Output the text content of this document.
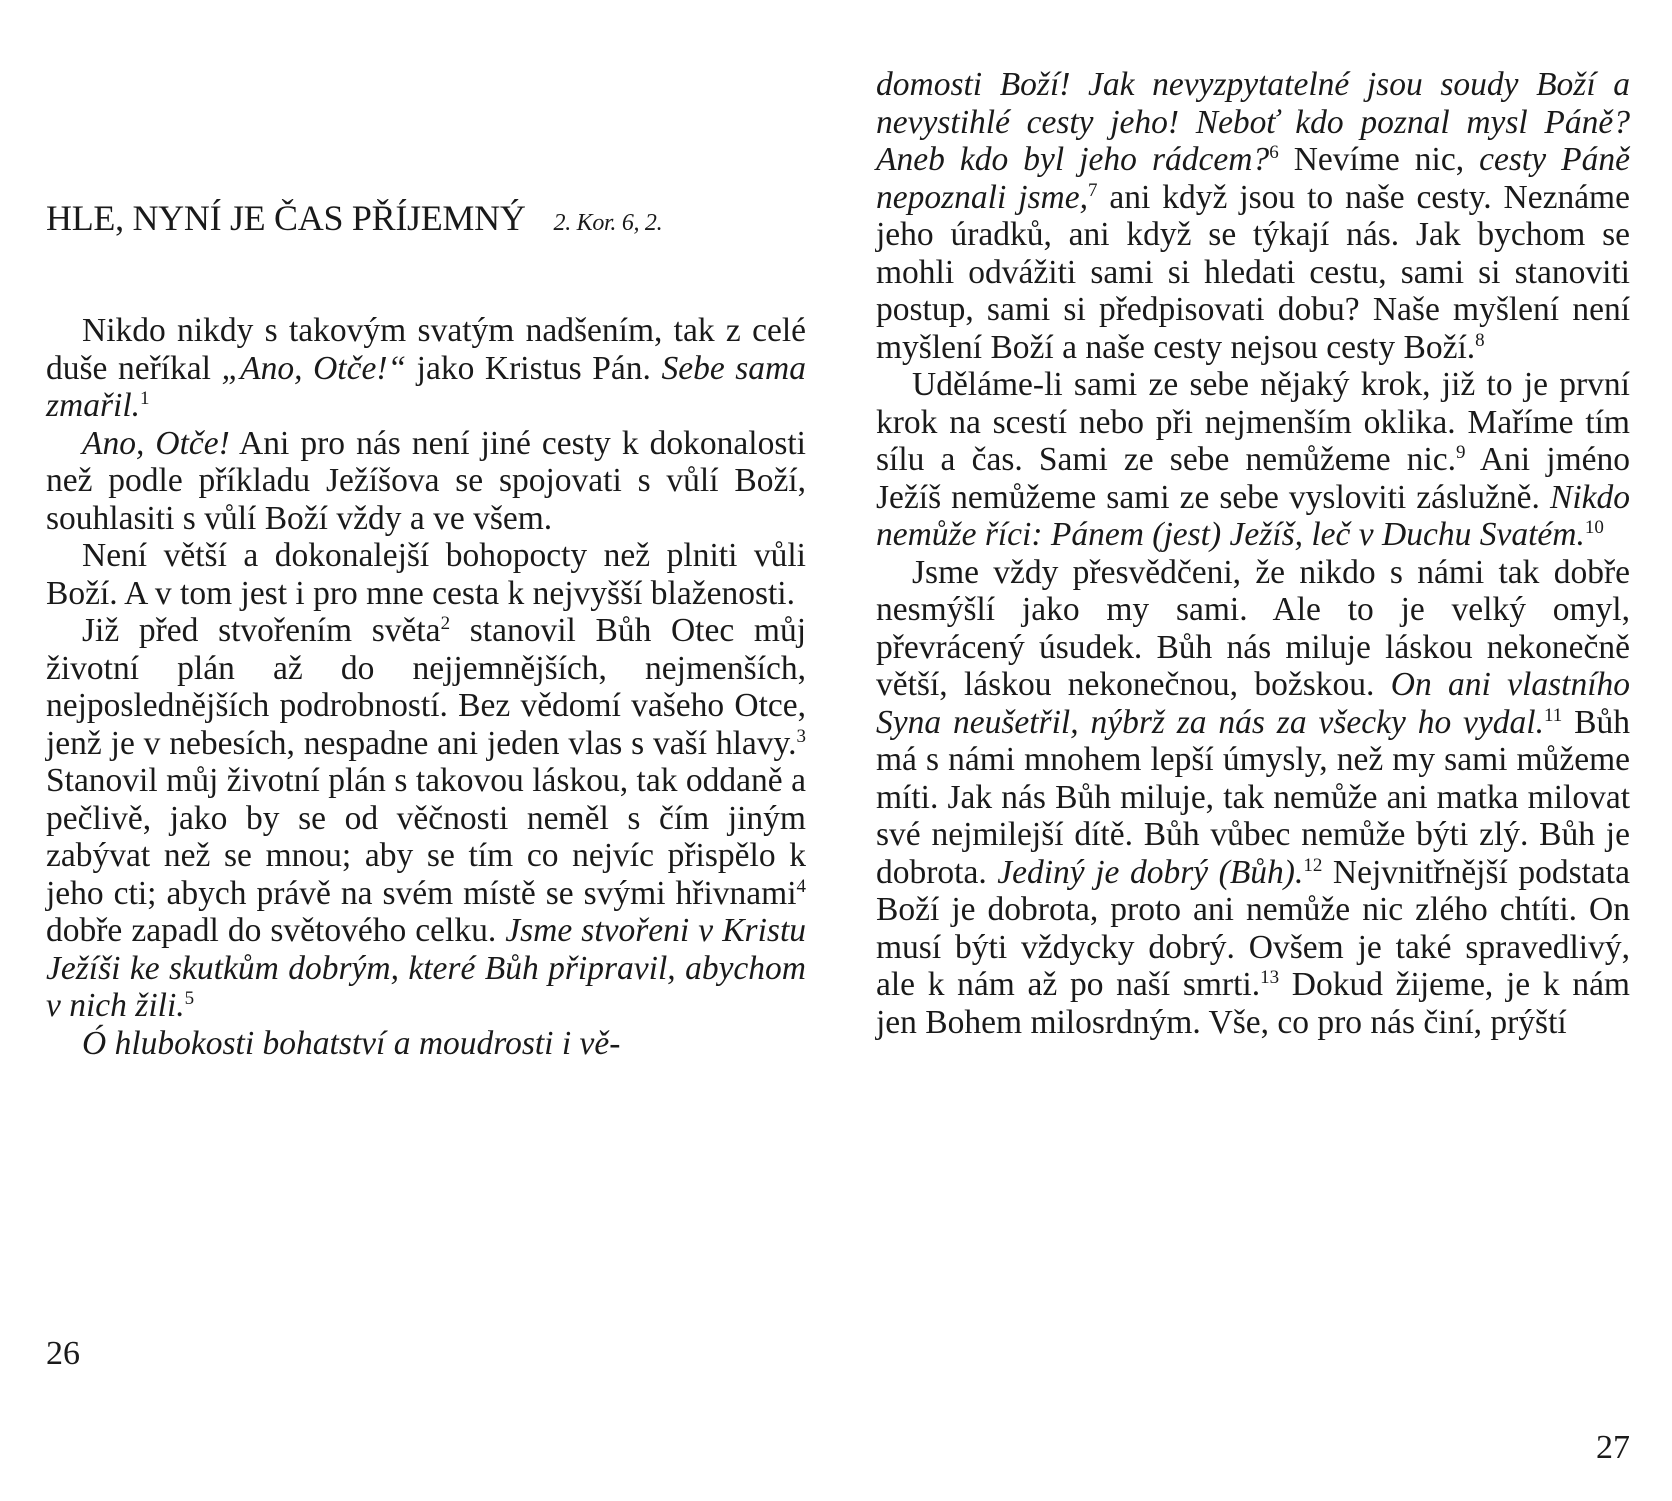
HLE, NYNÍ JE ČAS PŘÍJEMNÝ 2. Kor. 6, 2.

Nikdo nikdy s takovým svatým nadšením, tak z celé duše neříkal „Ano, Otče!“ jako Kristus Pán. Sebe sama zmařil.$^1$

Ano, Otče! Ani pro nás není jiné cesty k dokonalosti než podle příkladu Ježíšova se spojovati s vůlí Boží, souhlasiti s vůlí Boží vždy a ve všem.

Není větší a dokonalejší bohopocty než plniti vůli Boží. A v tom jest i pro mne cesta k nejvyšší blaženosti.

Již před stvořením světa$^2$ stanovil Bůh Otec můj životní plán až do nejjemnějších, nejmenších, nejposlednějších podrobností. Bez vědomí vašeho Otce, jenž je v nebesích, nespadne ani jeden vlas s vaší hlavy.$^3$ Stanovil můj životní plán s takovou láskou, tak oddaně a pečlivě, jako by se od věčnosti neměl s čím jiným zabývat než se mnou; aby se tím co nejvíc přispělo k jeho cti; abych právě na svém místě se svými hřivnami$^4$ dobře zapadl do světového celku. Jsme stvořeni v Kristu Ježíši ke skutkům dobrým, které Bůh připravil, abychom v nich žili.$^5$

Ó hlubokosti bohatství a moudrosti i vě-

26

domosti Boží! Jak nevyzpytatelné jsou soudy Boží a nevystihlé cesty jeho! Neboť kdo poznal mysl Páně? Aneb kdo byl jeho rádcem?$^6$ Nevíme nic, cesty Páně nepoznali jsme,$^7$ ani když jsou to naše cesty. Neznáme jeho úradků, ani když se týkají nás. Jak bychom se mohli odvážiti sami si hledati cestu, sami si stanoviti postup, sami si předpisovati dobu? Naše myšlení není myšlení Boží a naše cesty nejsou cesty Boží.$^8$

Uděláme-li sami ze sebe nějaký krok, již to je první krok na scestí nebo při nejmenším oklika. Maříme tím sílu a čas. Sami ze sebe nemůžeme nic.$^9$ Ani jméno Ježíš nemůžeme sami ze sebe vysloviti záslužně. Nikdo nemůže říci: Pánem (jest) Ježíš, leč v Duchu Svatém.$^{10}$

Jsme vždy přesvědčeni, že nikdo s námi tak dobře nesmýšlí jako my sami. Ale to je velký omyl, převrácený úsudek. Bůh nás miluje láskou nekonečně větší, láskou nekonečnou, božskou. On ani vlastního Syna neušetřil, nýbrž za nás za všecky ho vydal.$^{11}$ Bůh má s námi mnohem lepší úmysly, než my sami můžeme míti. Jak nás Bůh miluje, tak nemůže ani matka milovat své nejmilejší dítě. Bůh vůbec nemůže býti zlý. Bůh je dobrota. Jediný je dobrý (Bůh).$^{12}$ Nejvnitřnější podstata Boží je dobrota, proto ani nemůže nic zlého chtíti. On musí býti vždycky dobrý. Ovšem je také spravedlivý, ale k nám až po naší smrti.$^{13}$ Dokud žijeme, je k nám jen Bohem milosrdným. Vše, co pro nás činí, prýští

27
